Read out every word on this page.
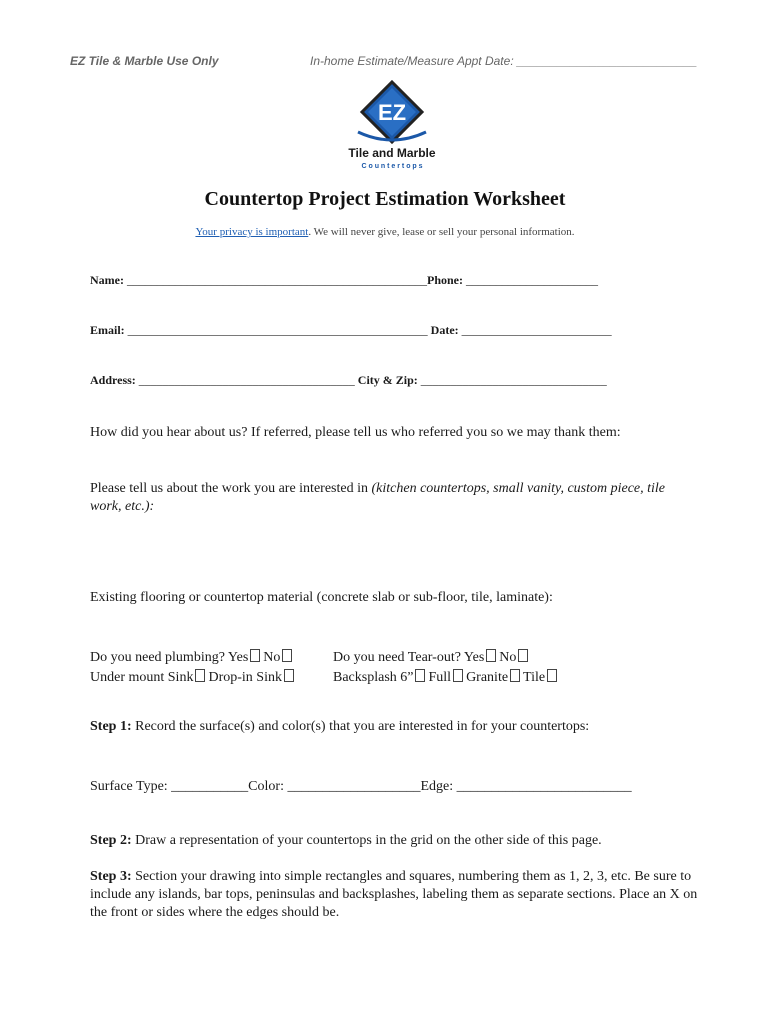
EZ Tile & Marble Use Only	In-home Estimate/Measure Appt Date: ___________________________
EZ
Tile and Marble
C o u n t e r t o p s
Countertop Project Estimation Worksheet
Your privacy is important. We will never give, lease or sell your personal information.
Name: __________________________________________________Phone: ______________________
Email: __________________________________________________ Date: _________________________
Address: ____________________________________ City & Zip: _______________________________
How did you hear about us? If referred, please tell us who referred you so we may thank them:
Please tell us about the work you are interested in (kitchen countertops, small vanity, custom piece, tile work, etc.):
Existing flooring or countertop material (concrete slab or sub-floor, tile, laminate):
Do you need plumbing? Yes No	Do you need Tear-out? Yes No
Under mount Sink Drop-in Sink	Backsplash 6” Full Granite Tile
Step 1: Record the surface(s) and color(s) that you are interested in for your countertops:
Surface Type: ___________Color: ___________________Edge: _________________________
Step 2: Draw a representation of your countertops in the grid on the other side of this page.
Step 3: Section your drawing into simple rectangles and squares, numbering them as 1, 2, 3, etc. Be sure to include any islands, bar tops, peninsulas and backsplashes, labeling them as separate sections. Place an X on the front or sides where the edges should be.
